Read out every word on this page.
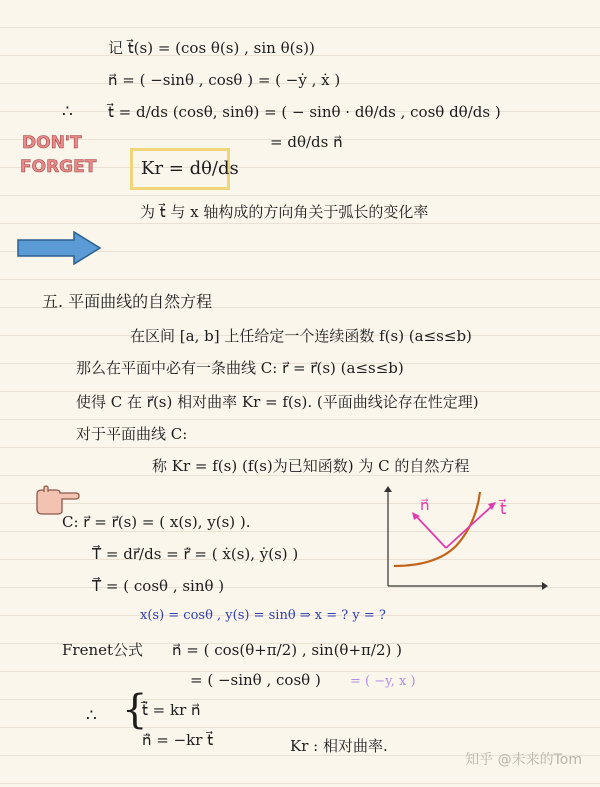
记 t⃗(s) = (cos θ(s) , sin θ(s))
n⃗ = ( −sinθ , cosθ ) = ( −ẏ , ẋ )
∴ t⃗ = d/ds (cosθ, sinθ) = ( − sinθ · dθ/ds , cosθ dθ/ds )
= dθ/ds n⃗
DON'T
FORGET Kr = dθ/ds
为 t⃗ 与 x 轴构成的方向角关于弧长的变化率
五. 平面曲线的自然方程
在区间 [a, b] 上任给定一个连续函数 f(s) (a≤s≤b)
那么在平面中必有一条曲线 C: r⃗ = r⃗(s) (a≤s≤b)
使得 C 在 r⃗(s) 相对曲率 Kr = f(s). (平面曲线论存在性定理)
对于平面曲线 C:
称 Kr = f(s) (f(s)为已知函数) 为 C 的自然方程
C: r⃗ = r⃗(s) = ( x(s), y(s) ).
T⃗ = dr⃗/ds = r⃗̇ = ( ẋ(s), ẏ(s) )
T⃗ = ( cosθ , sinθ )
x(s) = cosθ , y(s) = sinθ ⇒ x = ? y = ?
n⃗	t⃗
Frenet公式 n⃗ = ( cos(θ+π/2) , sin(θ+π/2) )
= ( −sinθ , cosθ ) = ( −y, x )
∴ {
t⃗̇ = kr n⃗
n⃗̇ = −kr t⃗	Kr : 相对曲率.
知乎 @未来的Tom
